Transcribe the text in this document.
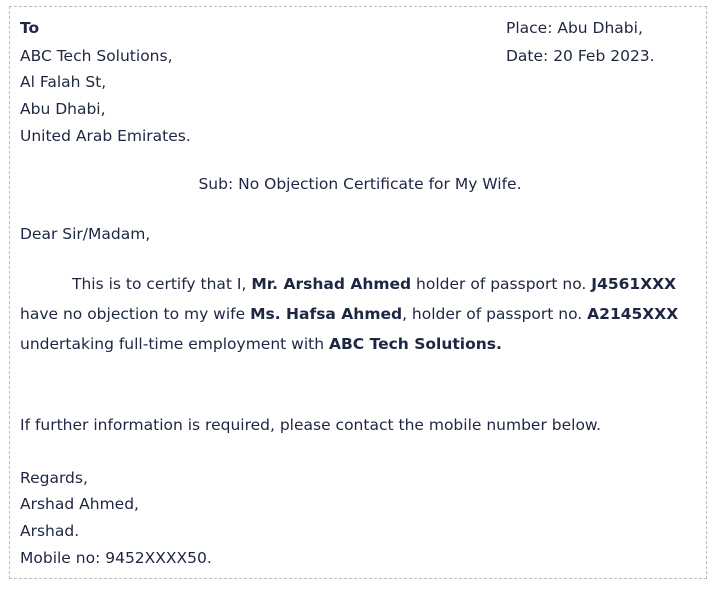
To
ABC Tech Solutions,
Al Falah St,
Abu Dhabi,
United Arab Emirates.
Place: Abu Dhabi,
Date: 20 Feb 2023.
Sub: No Objection Certificate for My Wife.
Dear Sir/Madam,
This is to certify that I, Mr. Arshad Ahmed holder of passport no. J4561XXX have no objection to my wife Ms. Hafsa Ahmed, holder of passport no. A2145XXX undertaking full-time employment with ABC Tech Solutions.
If further information is required, please contact the mobile number below.
Regards,
Arshad Ahmed,
Arshad.
Mobile no: 9452XXXX50.
